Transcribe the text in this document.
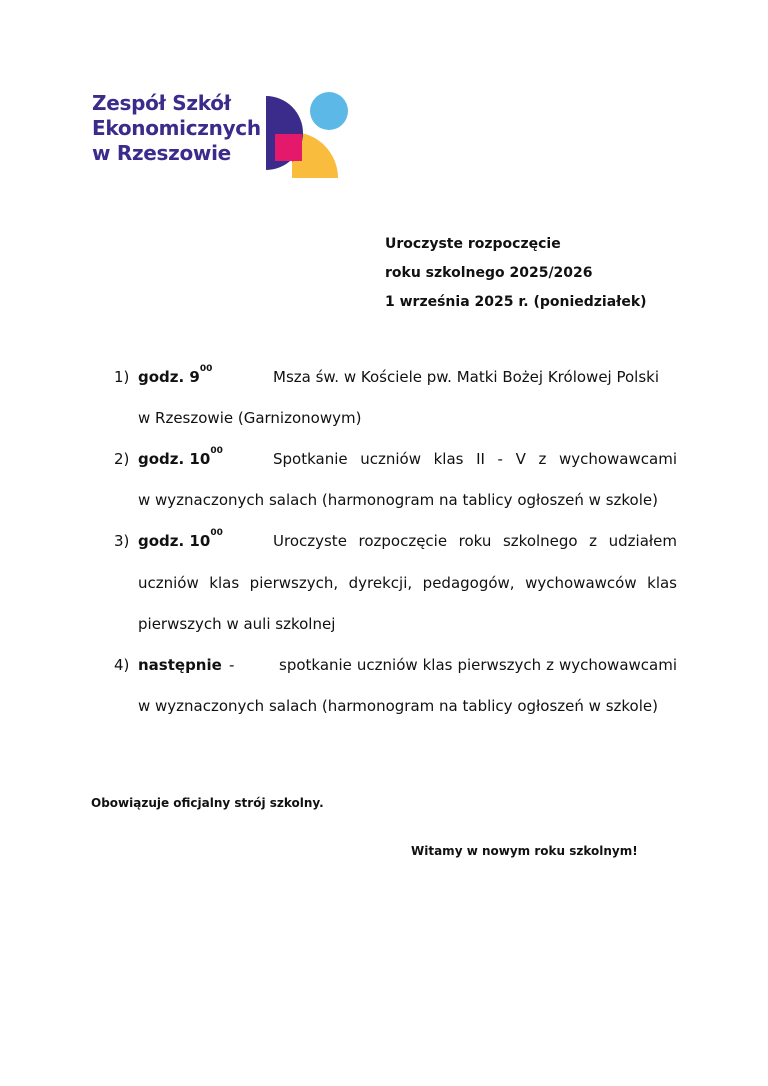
Zespół Szkół
Ekonomicznych
w Rzeszowie
Uroczyste rozpoczęcie
roku szkolnego 2025/2026
1 września 2025 r. (poniedziałek)
1) godz. $9^{00}$	Msza św. w Kościele pw. Matki Bożej Królowej Polski
w Rzeszowie (Garnizonowym)
2) godz. $10^{00}$	Spotkanie uczniów klas II - V z wychowawcami
w wyznaczonych salach (harmonogram na tablicy ogłoszeń w szkole)
3) godz. $10^{00}$	Uroczyste rozpoczęcie roku szkolnego z udziałem
uczniów klas pierwszych, dyrekcji, pedagogów, wychowawców klas
pierwszych w auli szkolnej
4) następnie -	spotkanie uczniów klas pierwszych z wychowawcami
w wyznaczonych salach (harmonogram na tablicy ogłoszeń w szkole)
Obowiązuje oficjalny strój szkolny.
Witamy w nowym roku szkolnym!
